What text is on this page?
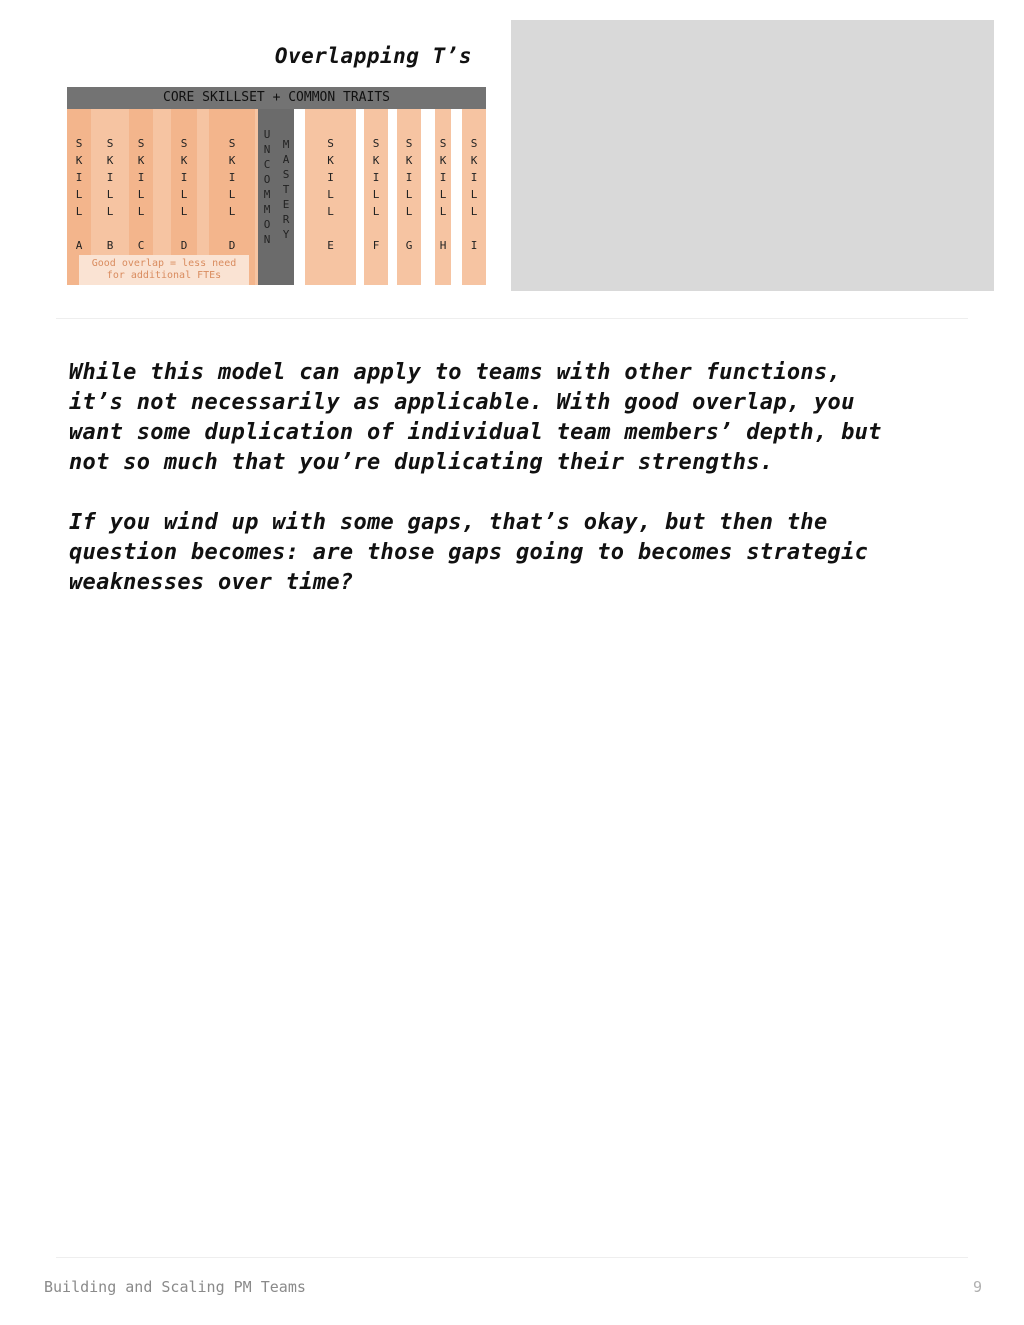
Overlapping T’s
CORE SKILLSET + COMMON TRAITS
S
K
I
L
L
A
S
K
I
L
L
B
S
K
I
L
L
C
S
K
I
L
L
D
S
K
I
L
L
D
U
N
C
O
M
M
O
N
M
A
S
T
E
R
Y
S
K
I
L
L
E
S
K
I
L
L
F
S
K
I
L
L
G
S
K
I
L
L
H
S
K
I
L
L
I
Good overlap = less need
for additional FTEs

While this model can apply to teams with other functions,
it’s not necessarily as applicable. With good overlap, you
want some duplication of individual team members’ depth, but
not so much that you’re duplicating their strengths.

If you wind up with some gaps, that’s okay, but then the
question becomes: are those gaps going to becomes strategic
weaknesses over time?

Building and Scaling PM Teams	9
